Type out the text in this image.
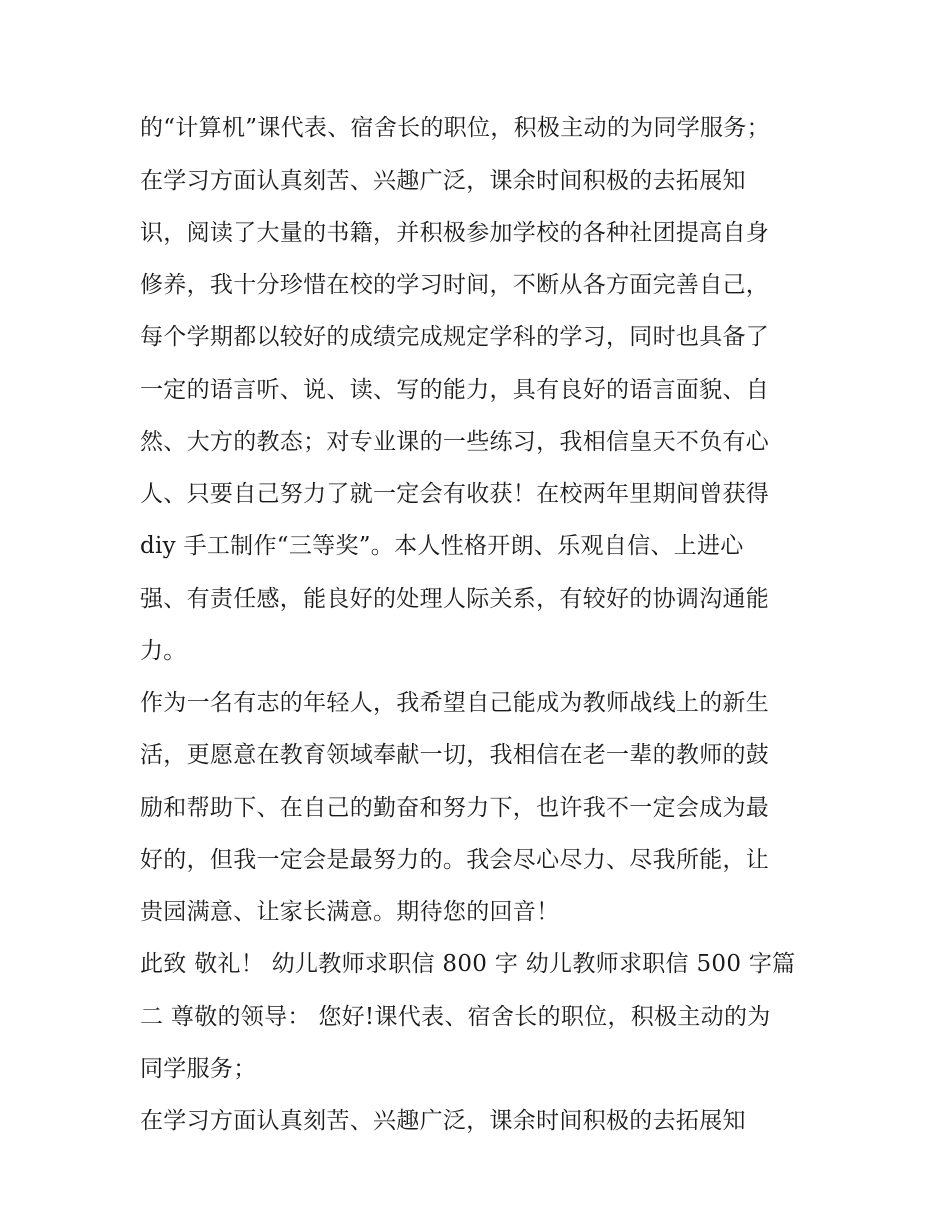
的“计算机”课代表、宿舍长的职位，积极主动的为同学服务；
在学习方面认真刻苦、兴趣广泛，课余时间积极的去拓展知
识，阅读了大量的书籍，并积极参加学校的各种社团提高自身
修养，我十分珍惜在校的学习时间，不断从各方面完善自己，
每个学期都以较好的成绩完成规定学科的学习，同时也具备了
一定的语言听、说、读、写的能力，具有良好的语言面貌、自
然、大方的教态；对专业课的一些练习，我相信皇天不负有心
人、只要自己努力了就一定会有收获！在校两年里期间曾获得
diy 手工制作“三等奖”。本人性格开朗、乐观自信、上进心
强、有责任感，能良好的处理人际关系，有较好的协调沟通能
力。
作为一名有志的年轻人，我希望自己能成为教师战线上的新生
活，更愿意在教育领域奉献一切，我相信在老一辈的教师的鼓
励和帮助下、在自己的勤奋和努力下，也许我不一定会成为最
好的，但我一定会是最努力的。我会尽心尽力、尽我所能，让
贵园满意、让家长满意。期待您的回音！
此致 敬礼！ 幼儿教师求职信 800 字 幼儿教师求职信 500 字篇
二 尊敬的领导： 您好!课代表、宿舍长的职位，积极主动的为
同学服务；
在学习方面认真刻苦、兴趣广泛，课余时间积极的去拓展知
